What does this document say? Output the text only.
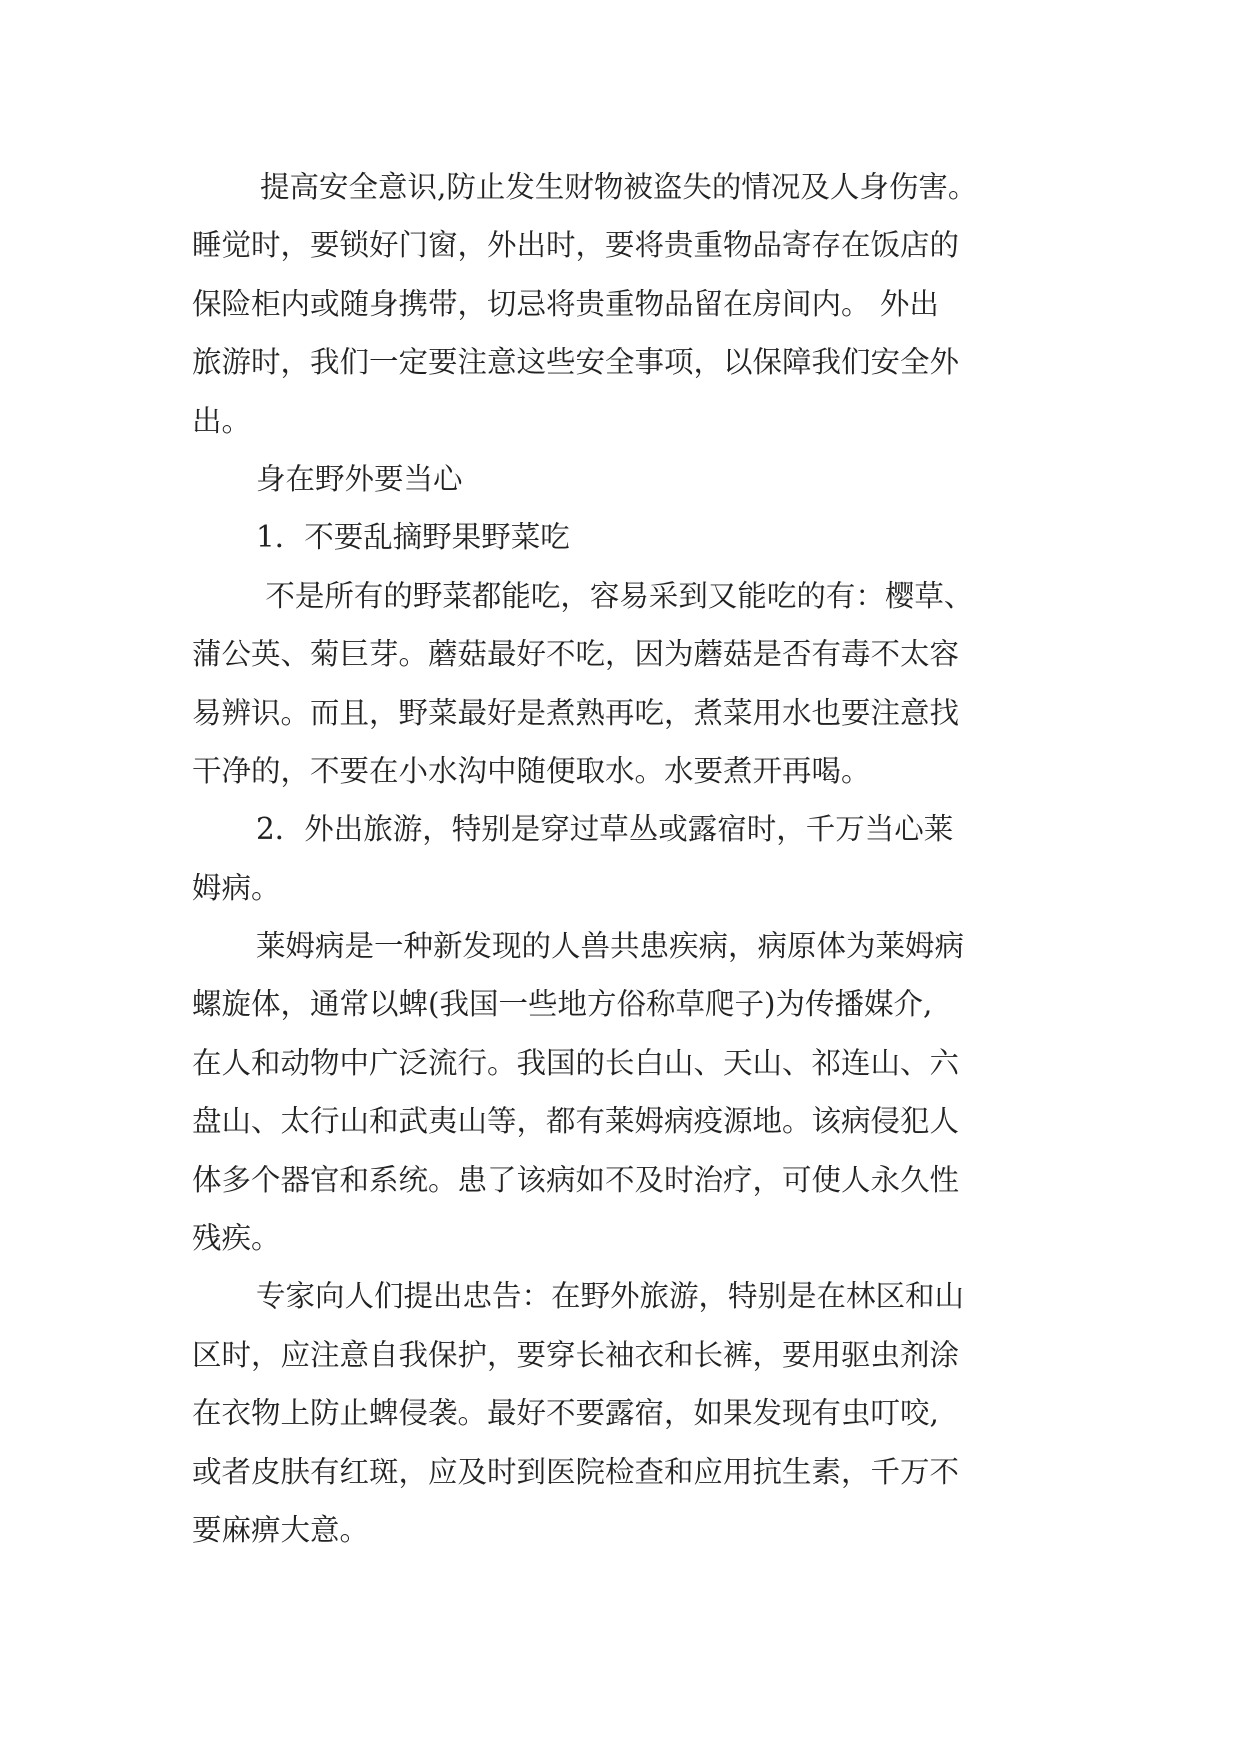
提高安全意识,防止发生财物被盗失的情况及人身伤害。
睡觉时，要锁好门窗，外出时，要将贵重物品寄存在饭店的
保险柜内或随身携带，切忌将贵重物品留在房间内。 外出
旅游时，我们一定要注意这些安全事项，以保障我们安全外
出。
身在野外要当心
1．不要乱摘野果野菜吃
不是所有的野菜都能吃，容易采到又能吃的有：樱草、
蒲公英、菊巨芽。蘑菇最好不吃，因为蘑菇是否有毒不太容
易辨识。而且，野菜最好是煮熟再吃，煮菜用水也要注意找
干净的，不要在小水沟中随便取水。水要煮开再喝。
2．外出旅游，特别是穿过草丛或露宿时，千万当心莱
姆病。
莱姆病是一种新发现的人兽共患疾病，病原体为莱姆病
螺旋体，通常以蜱(我国一些地方俗称草爬子)为传播媒介,
在人和动物中广泛流行。我国的长白山、天山、祁连山、六
盘山、太行山和武夷山等，都有莱姆病疫源地。该病侵犯人
体多个器官和系统。患了该病如不及时治疗，可使人永久性
残疾。
专家向人们提出忠告：在野外旅游，特别是在林区和山
区时，应注意自我保护，要穿长袖衣和长裤，要用驱虫剂涂
在衣物上防止蜱侵袭。最好不要露宿，如果发现有虫叮咬,
或者皮肤有红斑，应及时到医院检查和应用抗生素，千万不
要麻痹大意。
